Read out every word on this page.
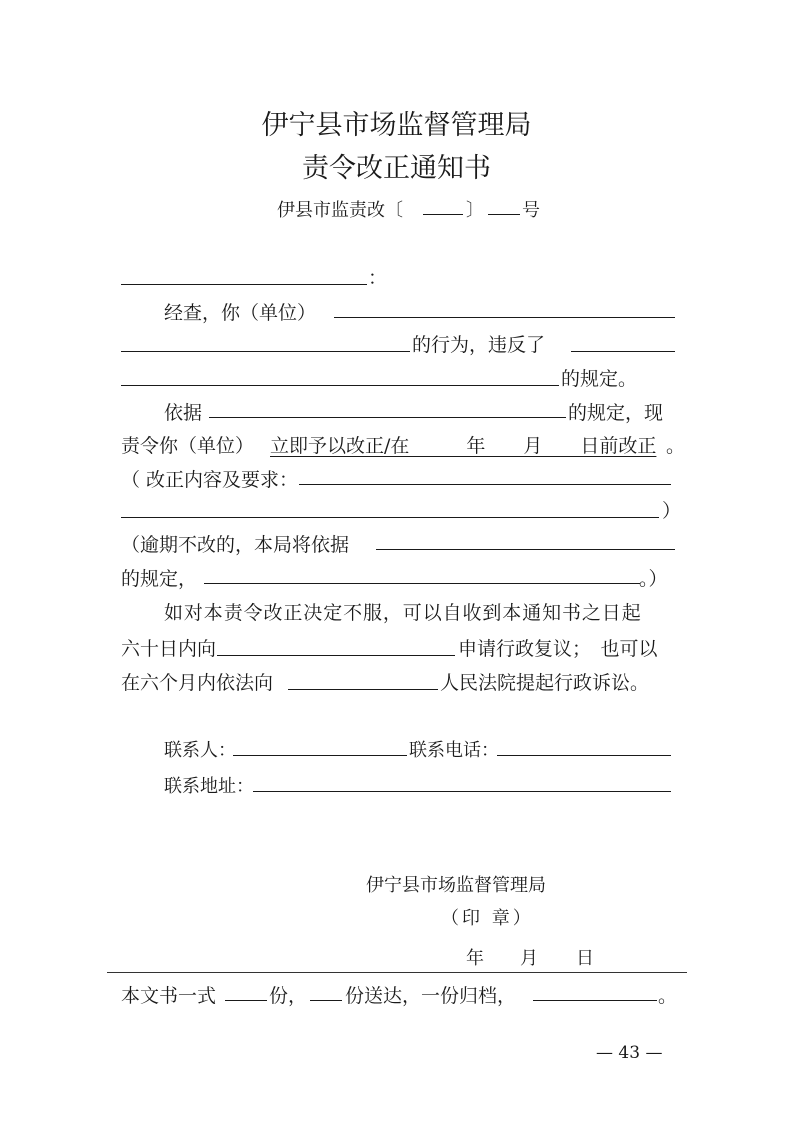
伊宁县市场监督管理局
责令改正通知书
伊县市监责改〔	〕 号
：
经查，你（单位）
的行为，违反了
的规定。
依据	的规定，现
责令你（单位） 立即予以改正/在　　　年　　月　　日前改正 。
（ 改正内容及要求：
）
（逾期不改的，本局将依据
的规定，	。）
如对本责令改正决定不服，可以自收到本通知书之日起
六十日内向	申请行政复议；　也可以
在六个月内依法向	人民法院提起行政诉讼。
联系人：	联系电话：
联系地址：
伊宁县市场监督管理局
（印 章）
年 月 日
本文书一式	份， 份送达，一份归档，	。
— 43 —
